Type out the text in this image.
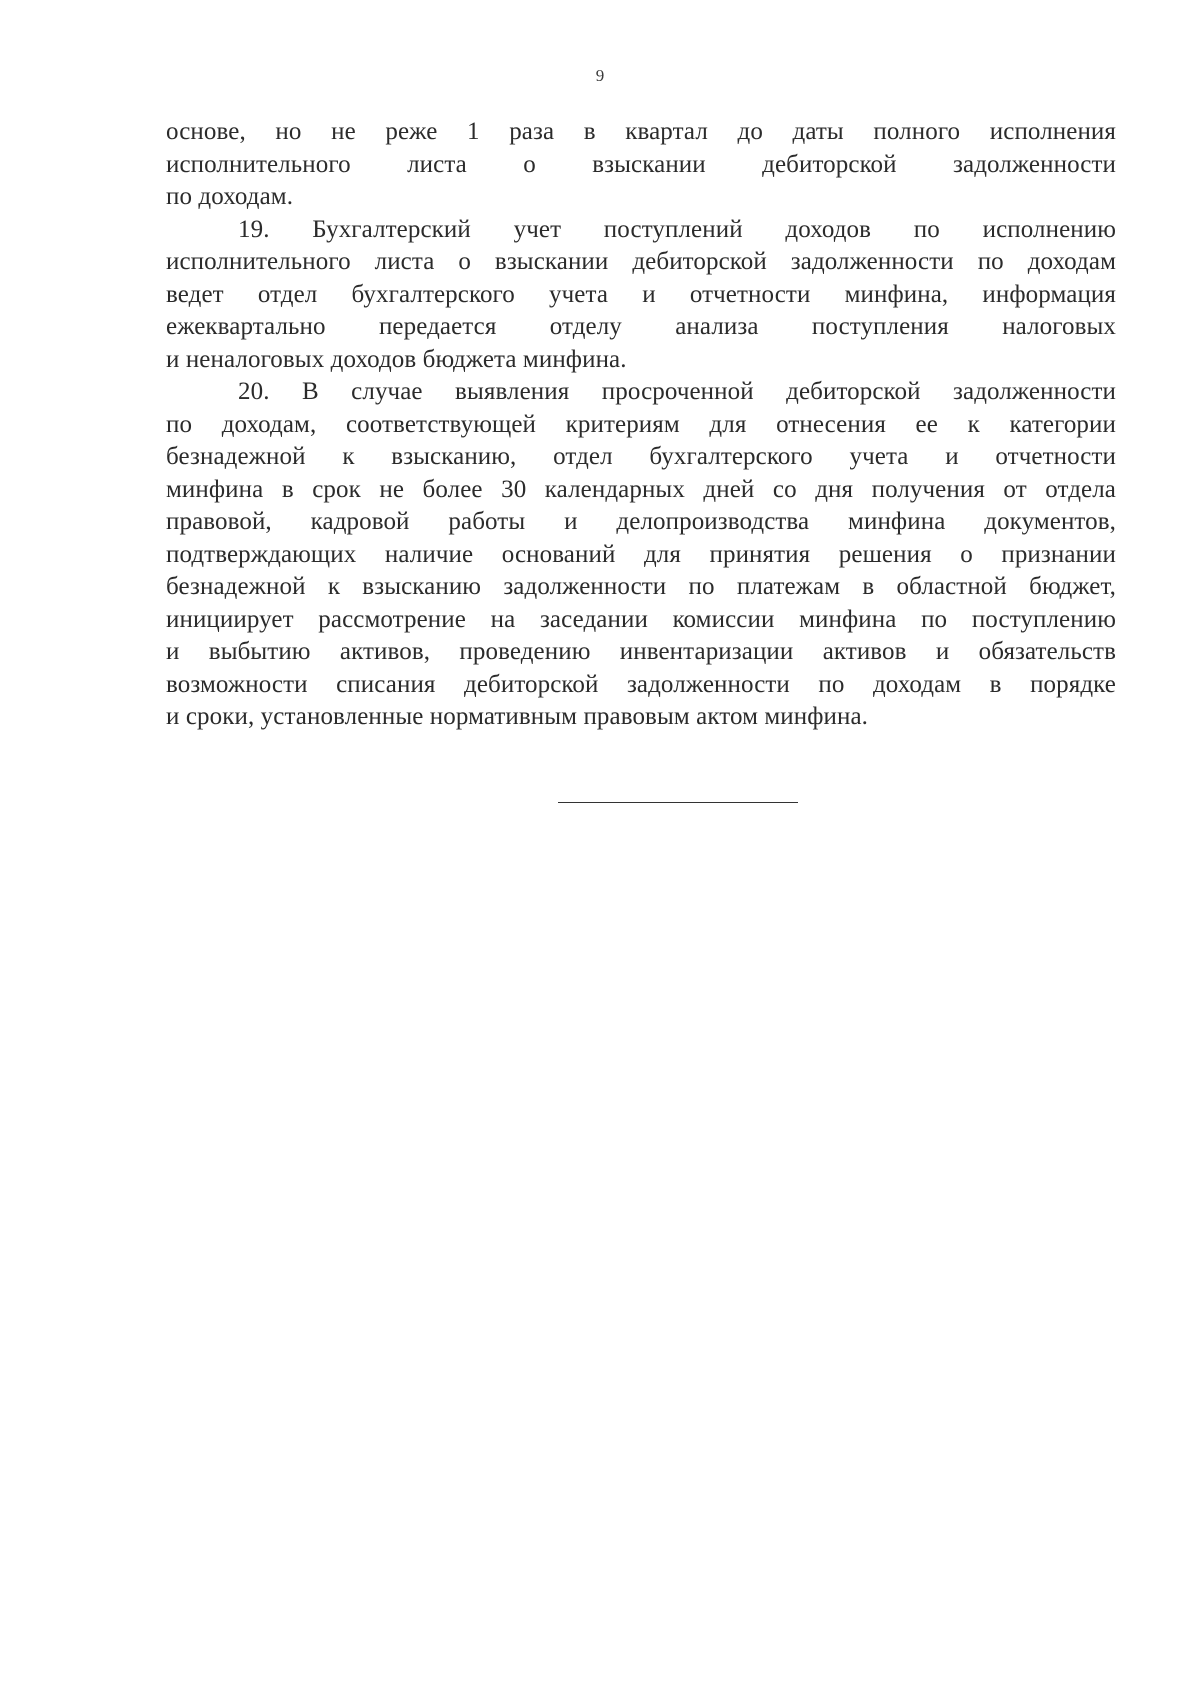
9
основе, но не реже 1 раза в квартал до даты полного исполнения
исполнительного листа о взыскании дебиторской задолженности
по доходам.
19. Бухгалтерский учет поступлений доходов по исполнению
исполнительного листа о взыскании дебиторской задолженности по доходам
ведет отдел бухгалтерского учета и отчетности минфина, информация
ежеквартально передается отделу анализа поступления налоговых
и неналоговых доходов бюджета минфина.
20. В случае выявления просроченной дебиторской задолженности
по доходам, соответствующей критериям для отнесения ее к категории
безнадежной к взысканию, отдел бухгалтерского учета и отчетности
минфина в срок не более 30 календарных дней со дня получения от отдела
правовой, кадровой работы и делопроизводства минфина документов,
подтверждающих наличие оснований для принятия решения о признании
безнадежной к взысканию задолженности по платежам в областной бюджет,
инициирует рассмотрение на заседании комиссии минфина по поступлению
и выбытию активов, проведению инвентаризации активов и обязательств
возможности списания дебиторской задолженности по доходам в порядке
и сроки, установленные нормативным правовым актом минфина.
